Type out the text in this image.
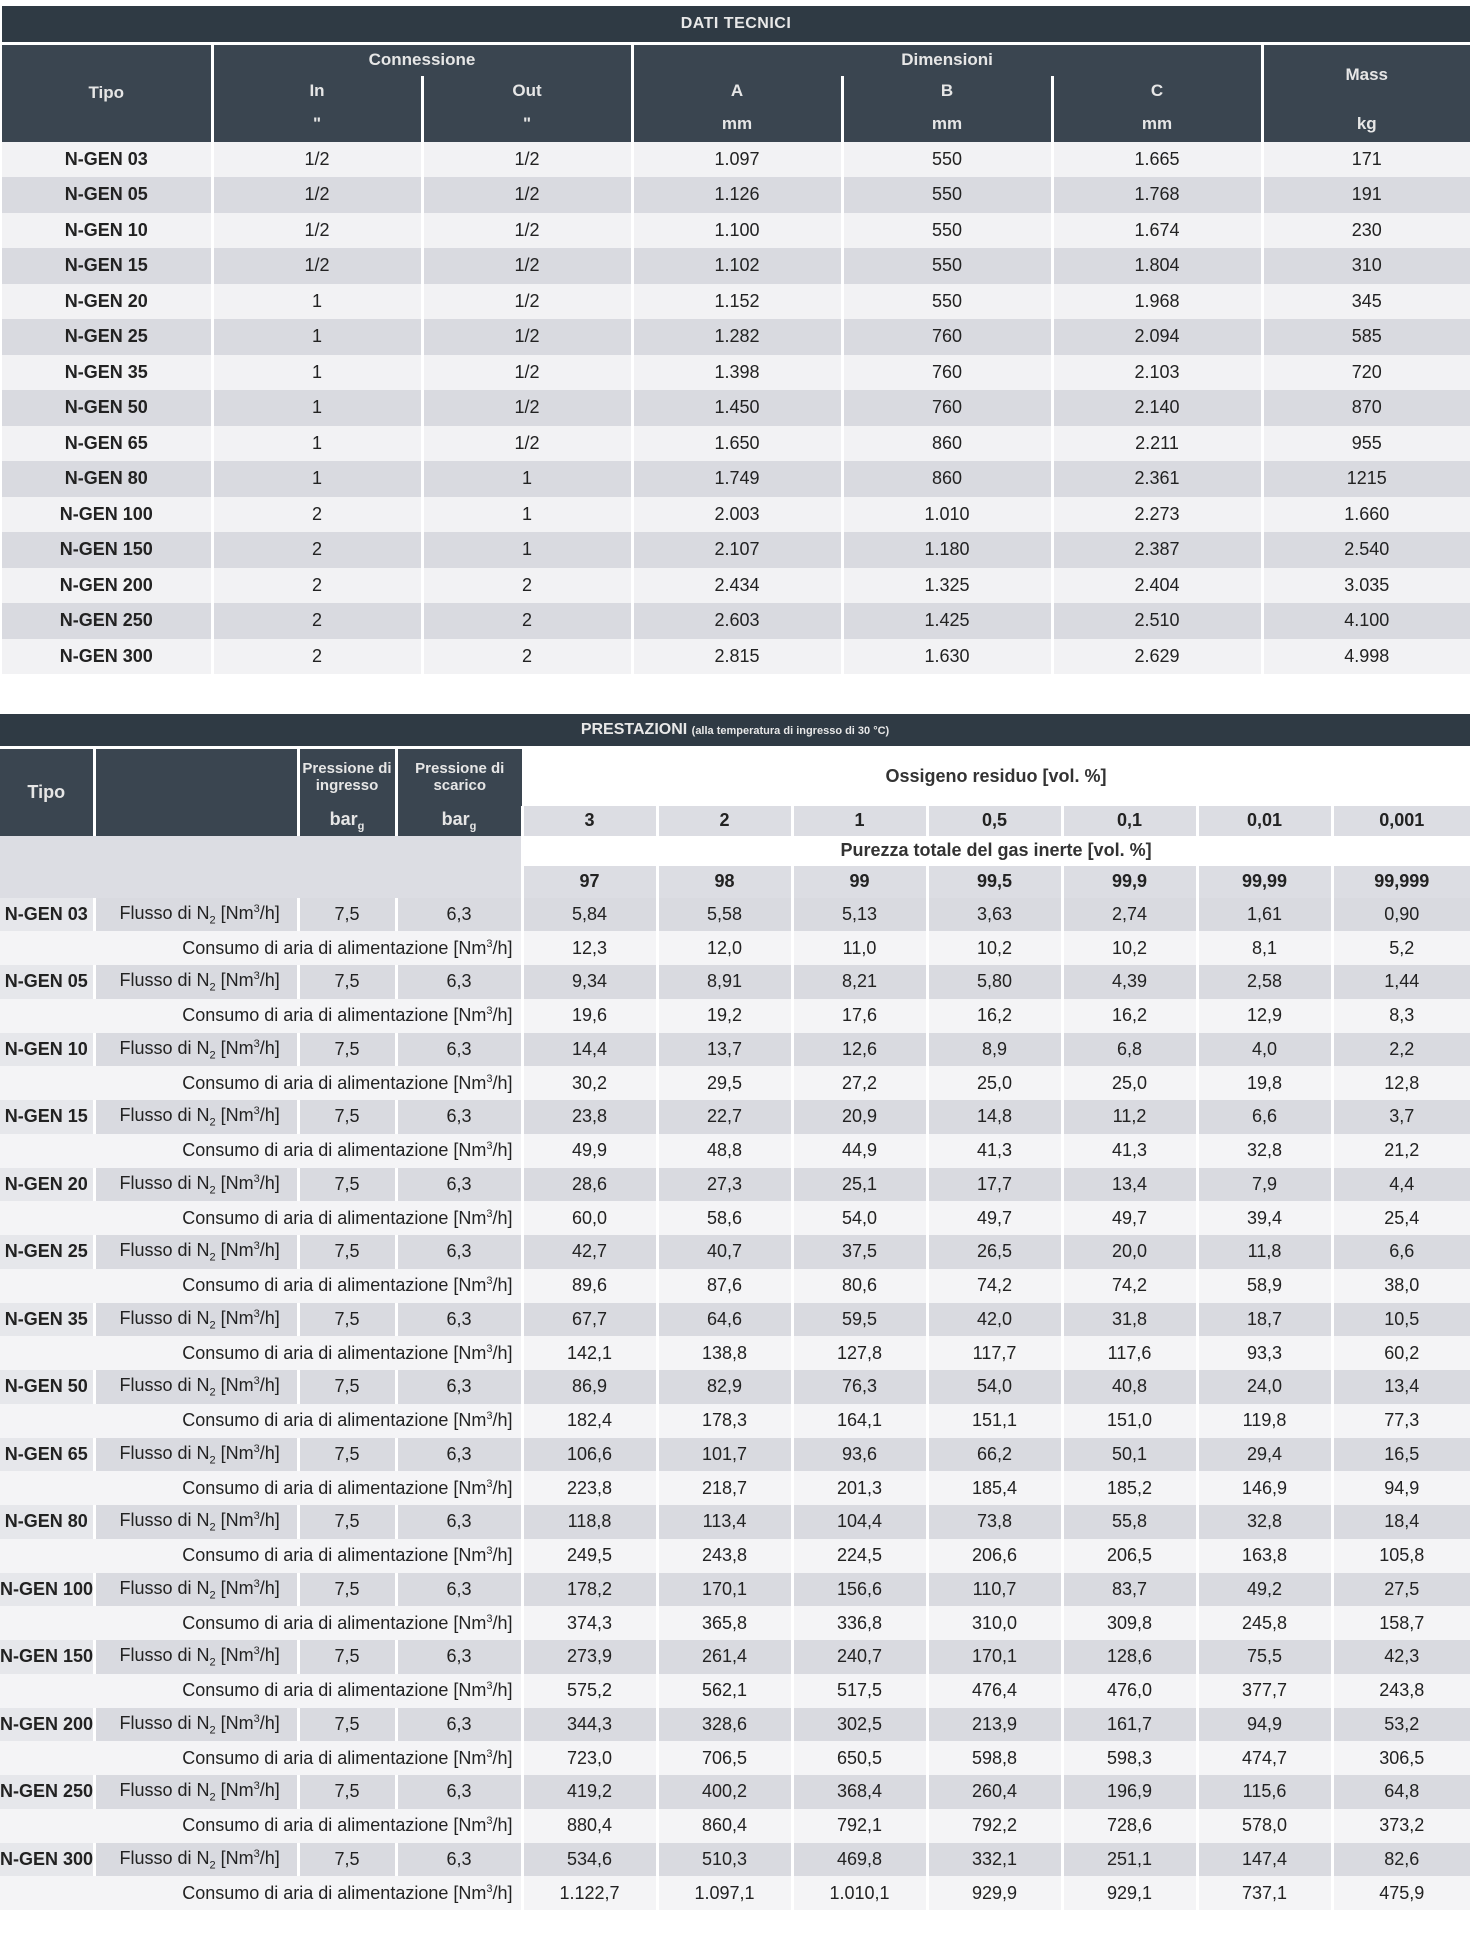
DATI TECNICI						
Tipo	Connessione		Dimensioni			Mass
	In	Out	A	B	C	
	"	"	mm	mm	mm	kg
N-GEN 03	1/2	1/2	1.097	550	1.665	171
N-GEN 05	1/2	1/2	1.126	550	1.768	191
N-GEN 10	1/2	1/2	1.100	550	1.674	230
N-GEN 15	1/2	1/2	1.102	550	1.804	310
N-GEN 20	1	1/2	1.152	550	1.968	345
N-GEN 25	1	1/2	1.282	760	2.094	585
N-GEN 35	1	1/2	1.398	760	2.103	720
N-GEN 50	1	1/2	1.450	760	2.140	870
N-GEN 65	1	1/2	1.650	860	2.211	955
N-GEN 80	1	1	1.749	860	2.361	1215
N-GEN 100	2	1	2.003	1.010	2.273	1.660
N-GEN 150	2	1	2.107	1.180	2.387	2.540
N-GEN 200	2	2	2.434	1.325	2.404	3.035
N-GEN 250	2	2	2.603	1.425	2.510	4.100
N-GEN 300	2	2	2.815	1.630	2.629	4.998
PRESTAZIONI (alla temperatura di ingresso di 30 °C)										
Tipo		Pressione di ingresso	Pressione di scarico	Ossigeno residuo [vol. %]						
		bar$_g$	bar$_g$	3	2	1	0,5	0,1	0,01	0,001
				Purezza totale del gas inerte [vol. %]						
				97	98	99	99,5	99,9	99,99	99,999
N-GEN 03	Flusso di $N_2$ [Nm$^3$/h]	7,5	6,3	5,84	5,58	5,13	3,63	2,74	1,61	0,90
Consumo di aria di alimentazione [Nm$^3$/h]				12,3	12,0	11,0	10,2	10,2	8,1	5,2
N-GEN 05	Flusso di $N_2$ [Nm$^3$/h]	7,5	6,3	9,34	8,91	8,21	5,80	4,39	2,58	1,44
Consumo di aria di alimentazione [Nm$^3$/h]				19,6	19,2	17,6	16,2	16,2	12,9	8,3
N-GEN 10	Flusso di $N_2$ [Nm$^3$/h]	7,5	6,3	14,4	13,7	12,6	8,9	6,8	4,0	2,2
Consumo di aria di alimentazione [Nm$^3$/h]				30,2	29,5	27,2	25,0	25,0	19,8	12,8
N-GEN 15	Flusso di $N_2$ [Nm$^3$/h]	7,5	6,3	23,8	22,7	20,9	14,8	11,2	6,6	3,7
Consumo di aria di alimentazione [Nm$^3$/h]				49,9	48,8	44,9	41,3	41,3	32,8	21,2
N-GEN 20	Flusso di $N_2$ [Nm$^3$/h]	7,5	6,3	28,6	27,3	25,1	17,7	13,4	7,9	4,4
Consumo di aria di alimentazione [Nm$^3$/h]				60,0	58,6	54,0	49,7	49,7	39,4	25,4
N-GEN 25	Flusso di $N_2$ [Nm$^3$/h]	7,5	6,3	42,7	40,7	37,5	26,5	20,0	11,8	6,6
Consumo di aria di alimentazione [Nm$^3$/h]				89,6	87,6	80,6	74,2	74,2	58,9	38,0
N-GEN 35	Flusso di $N_2$ [Nm$^3$/h]	7,5	6,3	67,7	64,6	59,5	42,0	31,8	18,7	10,5
Consumo di aria di alimentazione [Nm$^3$/h]				142,1	138,8	127,8	117,7	117,6	93,3	60,2
N-GEN 50	Flusso di $N_2$ [Nm$^3$/h]	7,5	6,3	86,9	82,9	76,3	54,0	40,8	24,0	13,4
Consumo di aria di alimentazione [Nm$^3$/h]				182,4	178,3	164,1	151,1	151,0	119,8	77,3
N-GEN 65	Flusso di $N_2$ [Nm$^3$/h]	7,5	6,3	106,6	101,7	93,6	66,2	50,1	29,4	16,5
Consumo di aria di alimentazione [Nm$^3$/h]				223,8	218,7	201,3	185,4	185,2	146,9	94,9
N-GEN 80	Flusso di $N_2$ [Nm$^3$/h]	7,5	6,3	118,8	113,4	104,4	73,8	55,8	32,8	18,4
Consumo di aria di alimentazione [Nm$^3$/h]				249,5	243,8	224,5	206,6	206,5	163,8	105,8
N-GEN 100	Flusso di $N_2$ [Nm$^3$/h]	7,5	6,3	178,2	170,1	156,6	110,7	83,7	49,2	27,5
Consumo di aria di alimentazione [Nm$^3$/h]				374,3	365,8	336,8	310,0	309,8	245,8	158,7
N-GEN 150	Flusso di $N_2$ [Nm$^3$/h]	7,5	6,3	273,9	261,4	240,7	170,1	128,6	75,5	42,3
Consumo di aria di alimentazione [Nm$^3$/h]				575,2	562,1	517,5	476,4	476,0	377,7	243,8
N-GEN 200	Flusso di $N_2$ [Nm$^3$/h]	7,5	6,3	344,3	328,6	302,5	213,9	161,7	94,9	53,2
Consumo di aria di alimentazione [Nm$^3$/h]				723,0	706,5	650,5	598,8	598,3	474,7	306,5
N-GEN 250	Flusso di $N_2$ [Nm$^3$/h]	7,5	6,3	419,2	400,2	368,4	260,4	196,9	115,6	64,8
Consumo di aria di alimentazione [Nm$^3$/h]				880,4	860,4	792,1	792,2	728,6	578,0	373,2
N-GEN 300	Flusso di $N_2$ [Nm$^3$/h]	7,5	6,3	534,6	510,3	469,8	332,1	251,1	147,4	82,6
Consumo di aria di alimentazione [Nm$^3$/h]				1.122,7	1.097,1	1.010,1	929,9	929,1	737,1	475,9
